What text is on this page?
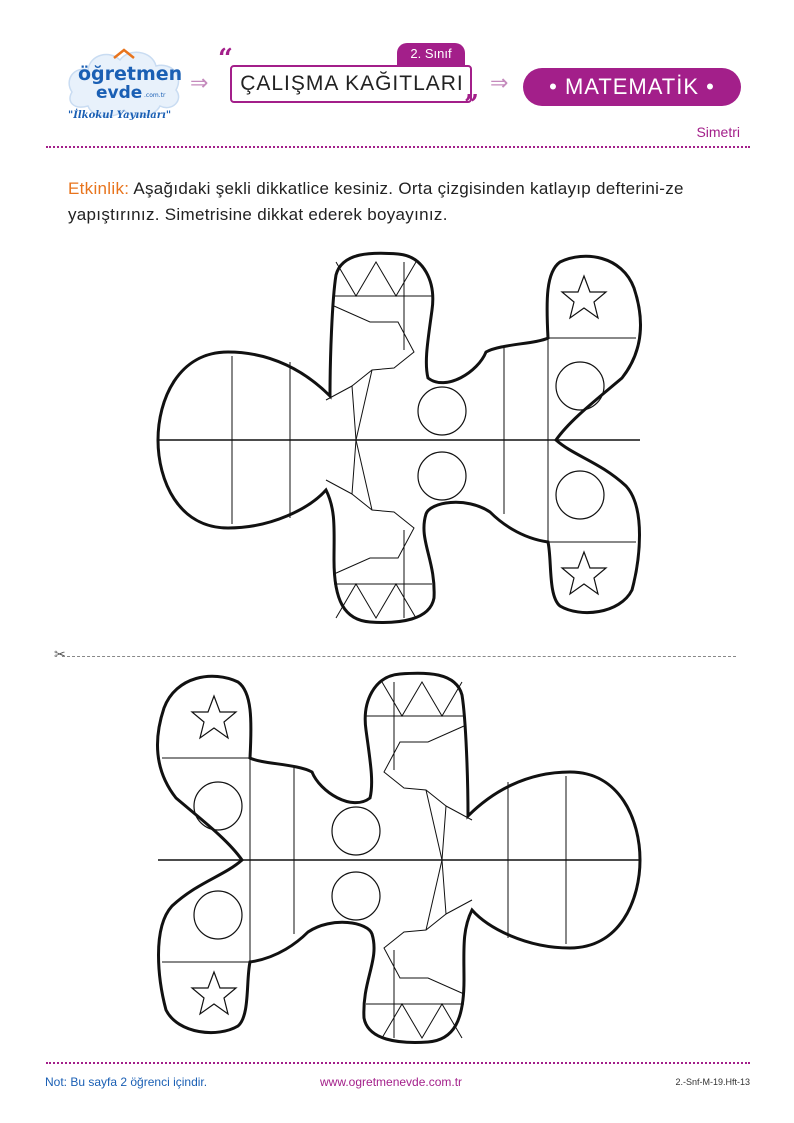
öğretmen
evde .com.tr
"İlkokul Yayınları"
⇒
2. Sınıf
“
ÇALIŞMA KAĞITLARI
”
⇒	• MATEMATİK •
Simetri
Etkinlik: Aşağıdaki şekli dikkatlice kesiniz. Orta çizgisinden katlayıp defterini-ze yapıştırınız. Simetrisine dikkat ederek boyayınız.
✂
Not: Bu sayfa 2 öğrenci içindir.	www.ogretmenevde.com.tr	2.-Snf-M-19.Hft-13
